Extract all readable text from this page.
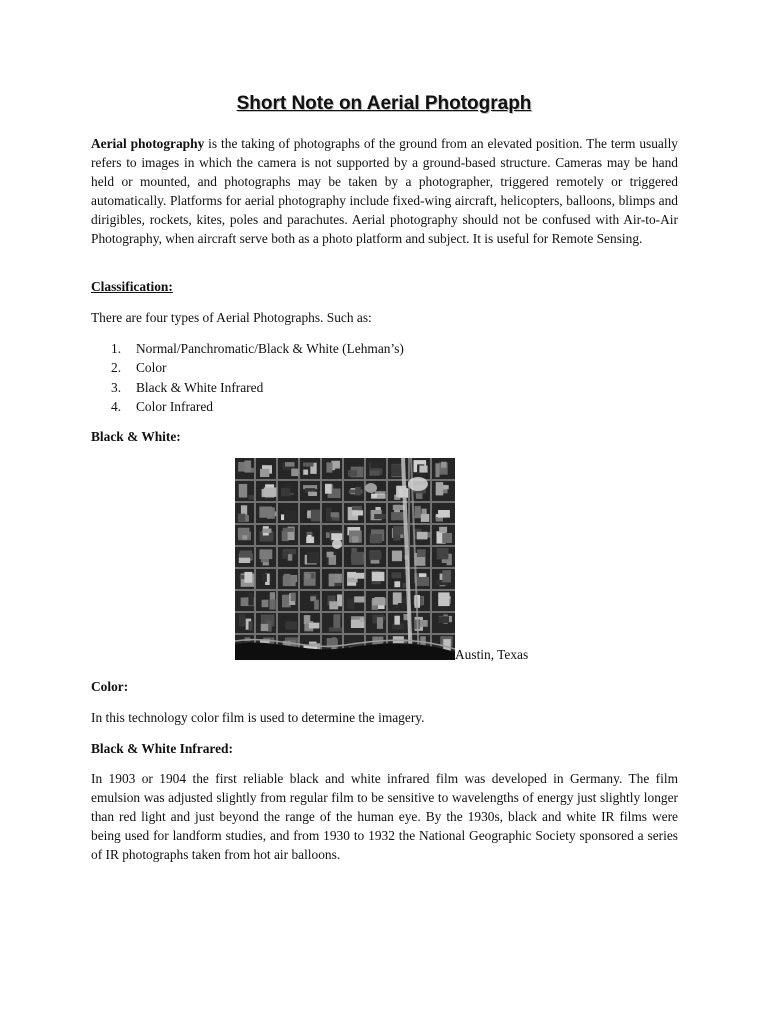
Short Note on Aerial Photograph

Aerial photography is the taking of photographs of the ground from an elevated position. The term usually refers to images in which the camera is not supported by a ground-based structure. Cameras may be hand held or mounted, and photographs may be taken by a photographer, triggered remotely or triggered automatically. Platforms for aerial photography include fixed-wing aircraft, helicopters, balloons, blimps and dirigibles, rockets, kites, poles and parachutes. Aerial photography should not be confused with Air-to-Air Photography, when aircraft serve both as a photo platform and subject. It is useful for Remote Sensing.

Classification:

There are four types of Aerial Photographs. Such as:

1. Normal/Panchromatic/Black & White (Lehman’s)
2. Color
3. Black & White Infrared
4. Color Infrared

Black & White:

Austin, Texas

Color:

In this technology color film is used to determine the imagery.

Black & White Infrared:

In 1903 or 1904 the first reliable black and white infrared film was developed in Germany. The film emulsion was adjusted slightly from regular film to be sensitive to wavelengths of energy just slightly longer than red light and just beyond the range of the human eye. By the 1930s, black and white IR films were being used for landform studies, and from 1930 to 1932 the National Geographic Society sponsored a series of IR photographs taken from hot air balloons.
